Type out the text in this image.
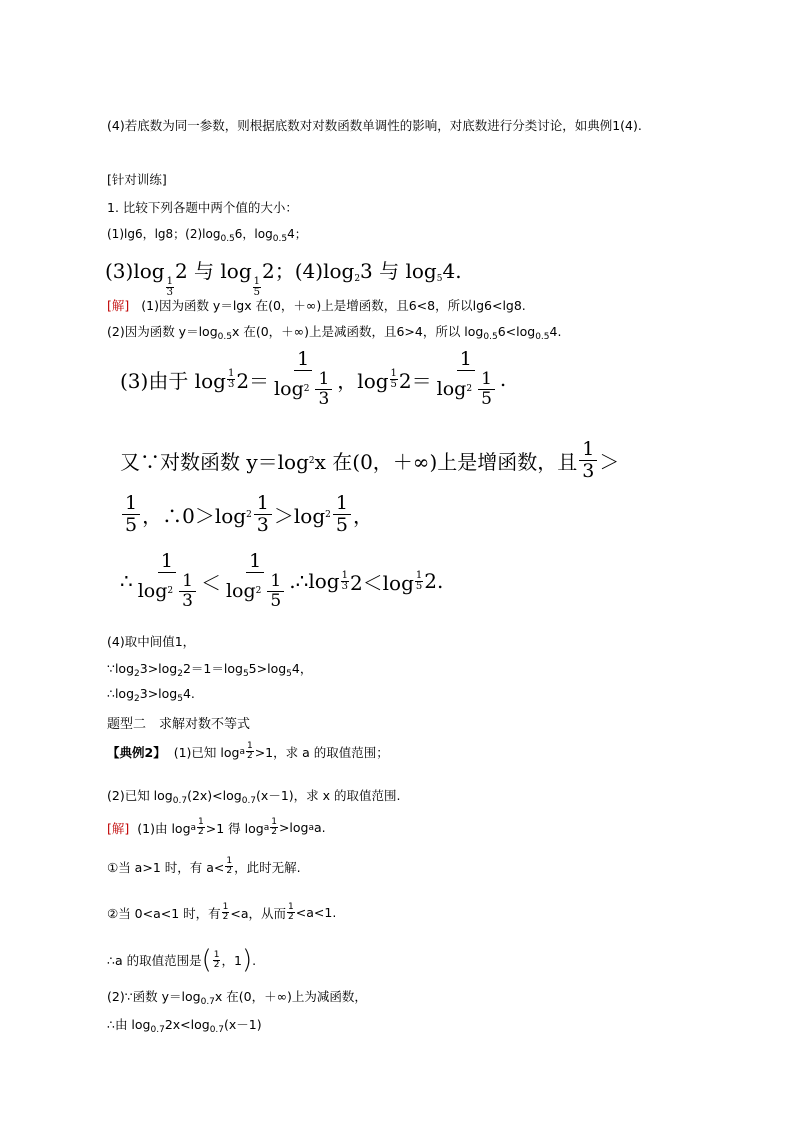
(4)若底数为同一参数，则根据底数对对数函数单调性的影响，对底数进行分类讨论，如典例1(4).
[针对训练]
1. 比较下列各题中两个值的大小：
(1)lg6，lg8；$(2)\log_{0.5}6$，$\log_{0.5}4$；
(3)log
$\frac{1}{3}$
2 与 log
$\frac{1}{5}$
2；$(4)\log_23$ 与 $\log_54$.
[解] (1)因为函数 y＝lgx 在(0，＋∞)上是增函数，且6<8，所以lg6<lg8.
(2)因为函数 $y=\log_{0.5}x$ 在(0，＋∞)上是减函数，且6>4，所以 $\log_{0.5}6<\log_{0.5}4$.
(3)由于 $\log \frac{1}{3} 2= \frac{1}{\log 2 \frac{1}{3}}$ ，$\log \frac{1}{5} 2= \frac{1}{\log 2 \frac{1}{5}}$ .
又∵对数函数 y＝log 2 x 在(0，＋∞)上是增函数，且 $\frac{1}{3}$ ＞
$\frac{1}{5}$ ，∴0＞log $2 \frac{1}{3} >\log$ $2 \frac{1}{5}$ ，
∴ $\frac{1}{\log 2 \frac{1}{3}} < \frac{1}{\log 2 \frac{1}{5}}$ .∴log $\frac{1}{3} 2<\log \frac{1}{5} 2$.
(4)取中间值1，
$\because\log_23>\log_22=1=\log_55>\log_54$，
$\therefore\log_23>\log_54$.
题型二　求解对数不等式
【典例2】 (1)已知 log a $\frac{1}{2} >1$，求 a 的取值范围；
(2)已知 $\log_{0.7}(2x)<\log_{0.7}(x-1)$，求 x 的取值范围.
[解] (1)由 log a $\frac{1}{2} >1$ 得 log a $\frac{1}{2} >\log$ a a.
①当 a>1 时，有 $a< \frac{1}{2}$ ，此时无解.
②当 0<a<1 时，有 $\frac{1}{2} <a$，从而 $\frac{1}{2} <a<1$.
∴a 的取值范围是 ( $\frac{1}{2}$ ，1 ) .
(2)∵函数 $y=\log_{0.7}x$ 在(0，＋∞)上为减函数，
∴由 $\log_{0.7}2x<\log_{0.7}(x-1)$
